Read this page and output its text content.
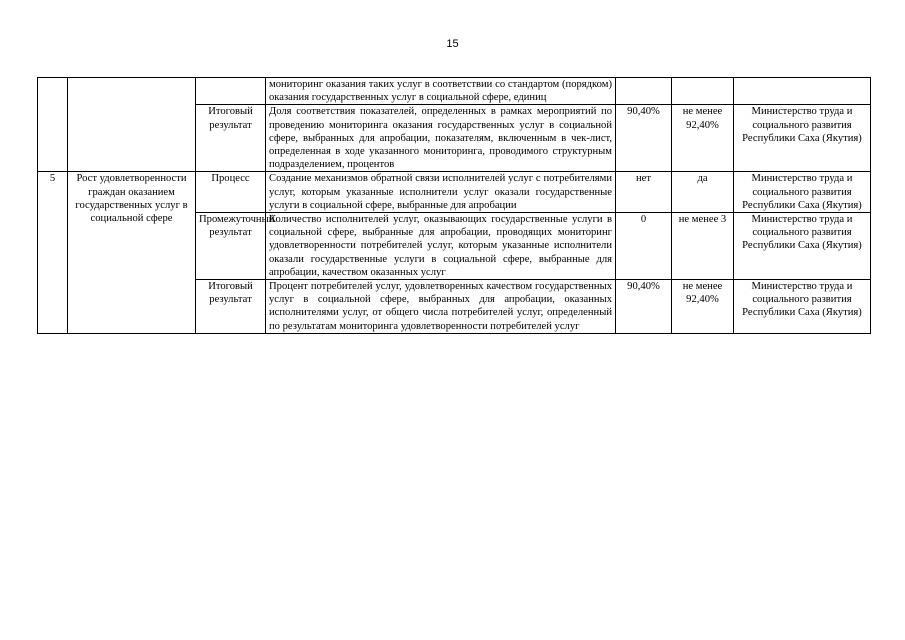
15
			мониторинг оказания таких услуг в соответствии со стандартом (порядком) оказания государственных услуг в социальной сфере, единиц			
		Итоговый результат	Доля соответствия показателей, определенных в рамках мероприятий по проведению мониторинга оказания государственных услуг в социальной сфере, выбранных для апробации, показателям, включенным в чек-лист, определенная в ходе указанного мониторинга, проводимого структурным подразделением, процентов	90,40%	не менее 92,40%	Министерство труда и социального развития Республики Саха (Якутия)
5	Рост удовлетворенности граждан оказанием государственных услуг в социальной сфере	Процесс	Создание механизмов обратной связи исполнителей услуг с потребителями услуг, которым указанные исполнители услуг оказали государственные услуги в социальной сфере, выбранные для апробации	нет	да	Министерство труда и социального развития Республики Саха (Якутия)
		Промежуточный результат	Количество исполнителей услуг, оказывающих государственные услуги в социальной сфере, выбранные для апробации, проводящих мониторинг удовлетворенности потребителей услуг, которым указанные исполнители оказали государственные услуги в социальной сфере, выбранные для апробации, качеством оказанных услуг	0	не менее 3	Министерство труда и социального развития Республики Саха (Якутия)
		Итоговый результат	Процент потребителей услуг, удовлетворенных качеством государственных услуг в социальной сфере, выбранных для апробации, оказанных исполнителями услуг, от общего числа потребителей услуг, определенный по результатам мониторинга удовлетворенности потребителей услуг	90,40%	не менее 92,40%	Министерство труда и социального развития Республики Саха (Якутия)
